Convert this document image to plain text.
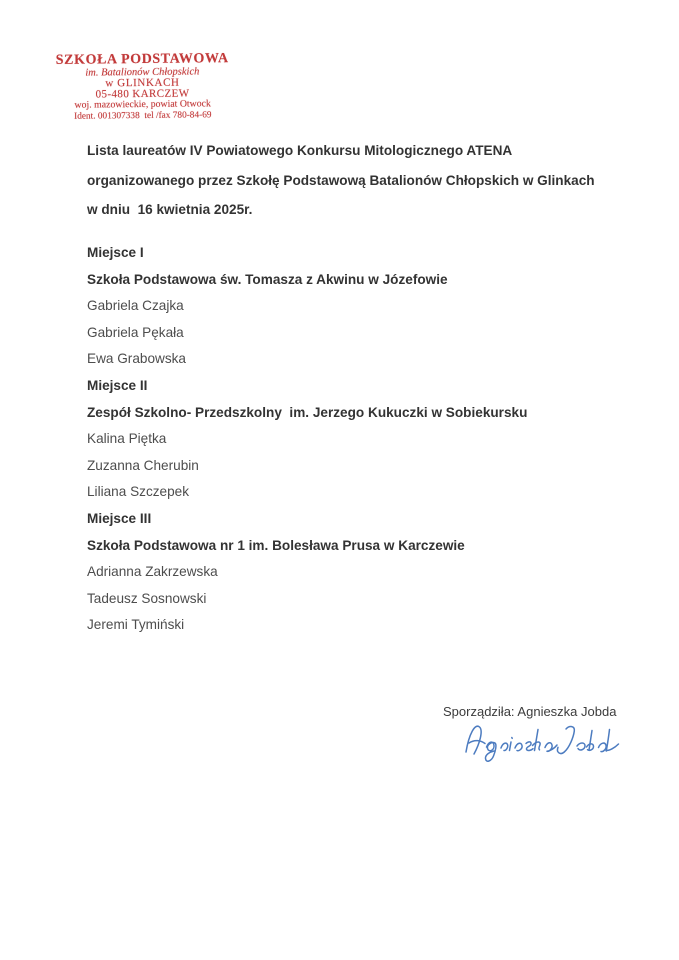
SZKOŁA PODSTAWOWA
im. Batalionów Chłopskich
w GLINKACH
05-480 KARCZEW
woj. mazowieckie, powiat Otwock
Ident. 001307338  tel /fax 780-84-69
Lista laureatów IV Powiatowego Konkursu Mitologicznego ATENA
organizowanego przez Szkołę Podstawową Batalionów Chłopskich w Glinkach
w dniu  16 kwietnia 2025r.
Miejsce I
Szkoła Podstawowa św. Tomasza z Akwinu w Józefowie
Gabriela Czajka
Gabriela Pękała
Ewa Grabowska
Miejsce II
Zespół Szkolno- Przedszkolny  im. Jerzego Kukuczki w Sobiekursku
Kalina Piętka
Zuzanna Cherubin
Liliana Szczepek
Miejsce III
Szkoła Podstawowa nr 1 im. Bolesława Prusa w Karczewie
Adrianna Zakrzewska
Tadeusz Sosnowski
Jeremi Tymiński
Sporządziła: Agnieszka Jobda
